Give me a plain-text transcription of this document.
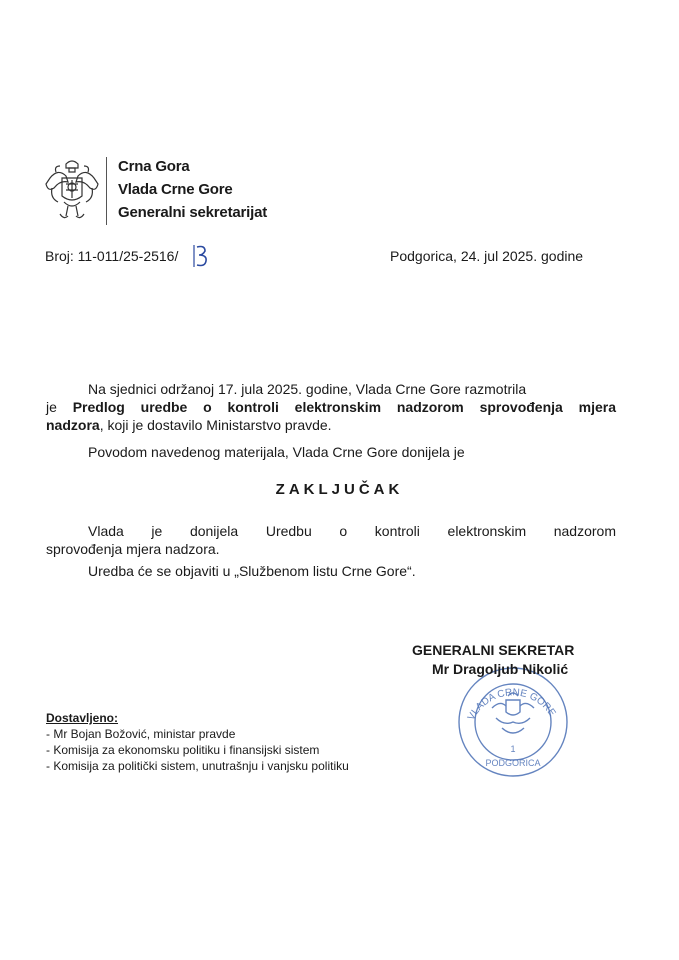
Crna Gora
Vlada Crne Gore
Generalni sekretarijat
Broj: 11-011/25-2516/	Podgorica, 24. jul 2025. godine
Na sjednici održanoj 17. jula 2025. godine, Vlada Crne Gore razmotrila
je Predlog uredbe o kontroli elektronskim nadzorom sprovođenja mjera
nadzora, koji je dostavilo Ministarstvo pravde.
Povodom navedenog materijala, Vlada Crne Gore donijela je
ZAKLJUČAK
Vlada je donijela Uredbu o kontroli elektronskim nadzorom
sprovođenja mjera nadzora.
Uredba će se objaviti u „Službenom listu Crne Gore“.
VLADA CRNE GORE
1
PODGORICA
GENERALNI SEKRETAR
Mr Dragoljub Nikolić
Dostavljeno:
- Mr Bojan Božović, ministar pravde
- Komisija za ekonomsku politiku i finansijski sistem
- Komisija za politički sistem, unutrašnju i vanjsku politiku
